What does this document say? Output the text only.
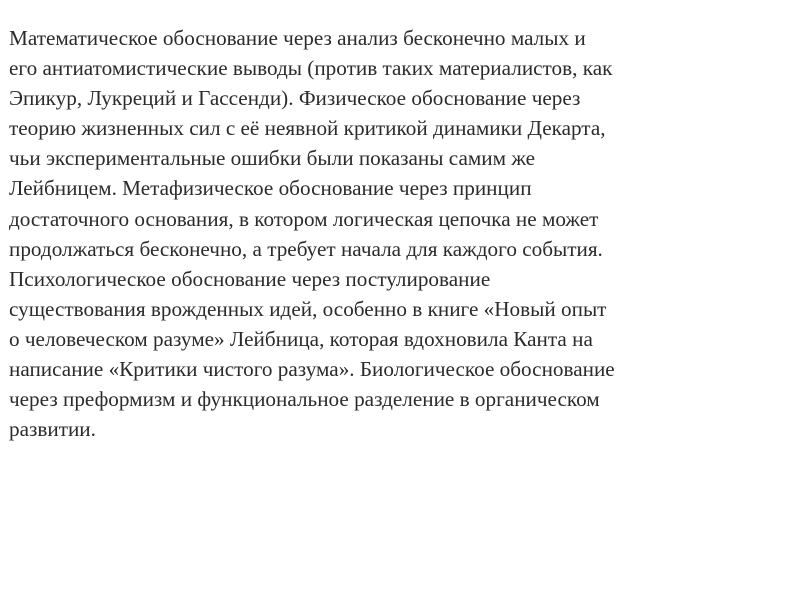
Математическое обоснование через анализ бесконечно малых и
его антиатомистические выводы (против таких материалистов, как
Эпикур, Лукреций и Гассенди). Физическое обоснование через
теорию жизненных сил с её неявной критикой динамики Декарта,
чьи экспериментальные ошибки были показаны самим же
Лейбницем. Метафизическое обоснование через принцип
достаточного основания, в котором логическая цепочка не может
продолжаться бесконечно, а требует начала для каждого события.
Психологическое обоснование через постулирование
существования врожденных идей, особенно в книге «Новый опыт
о человеческом разуме» Лейбница, которая вдохновила Канта на
написание «Критики чистого разума». Биологическое обоснование
через преформизм и функциональное разделение в органическом
развитии.
